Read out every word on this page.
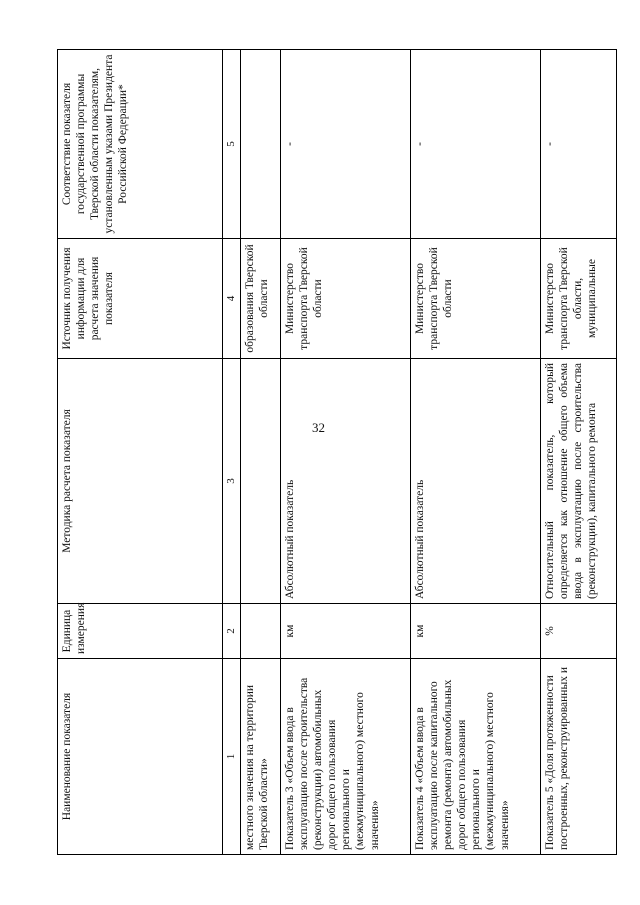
32
Наименование показателя	Единица измерения	Методика расчета показателя	Источник получения информации для расчета значения показателя	Соответствие показателя государственной программы Тверской области показателям, установленным указами Президента Российской Федерации*
1	2	3	4	5
местного значения на территории Тверской области»			образования Тверской области	
Показатель 3 «Объем ввода в эксплуатацию после строительства (реконструкции) автомобильных дорог общего пользования регионального и (межмуниципального) местного значения»	км	Абсолютный показатель	Министерство транспорта Тверской области	-
Показатель 4 «Объем ввода в эксплуатацию после капитального ремонта (ремонта) автомобильных дорог общего пользования регионального и (межмуниципального) местного значения»	км	Абсолютный показатель	Министерство транспорта Тверской области	-
Показатель 5 «Доля протяженности построенных, реконструированных и	%	Относительный показатель, который определяется как отношение общего объема ввода в эксплуатацию после строительства (реконструкции), капитального ремонта	Министерство транспорта Тверской области, муниципальные	-
